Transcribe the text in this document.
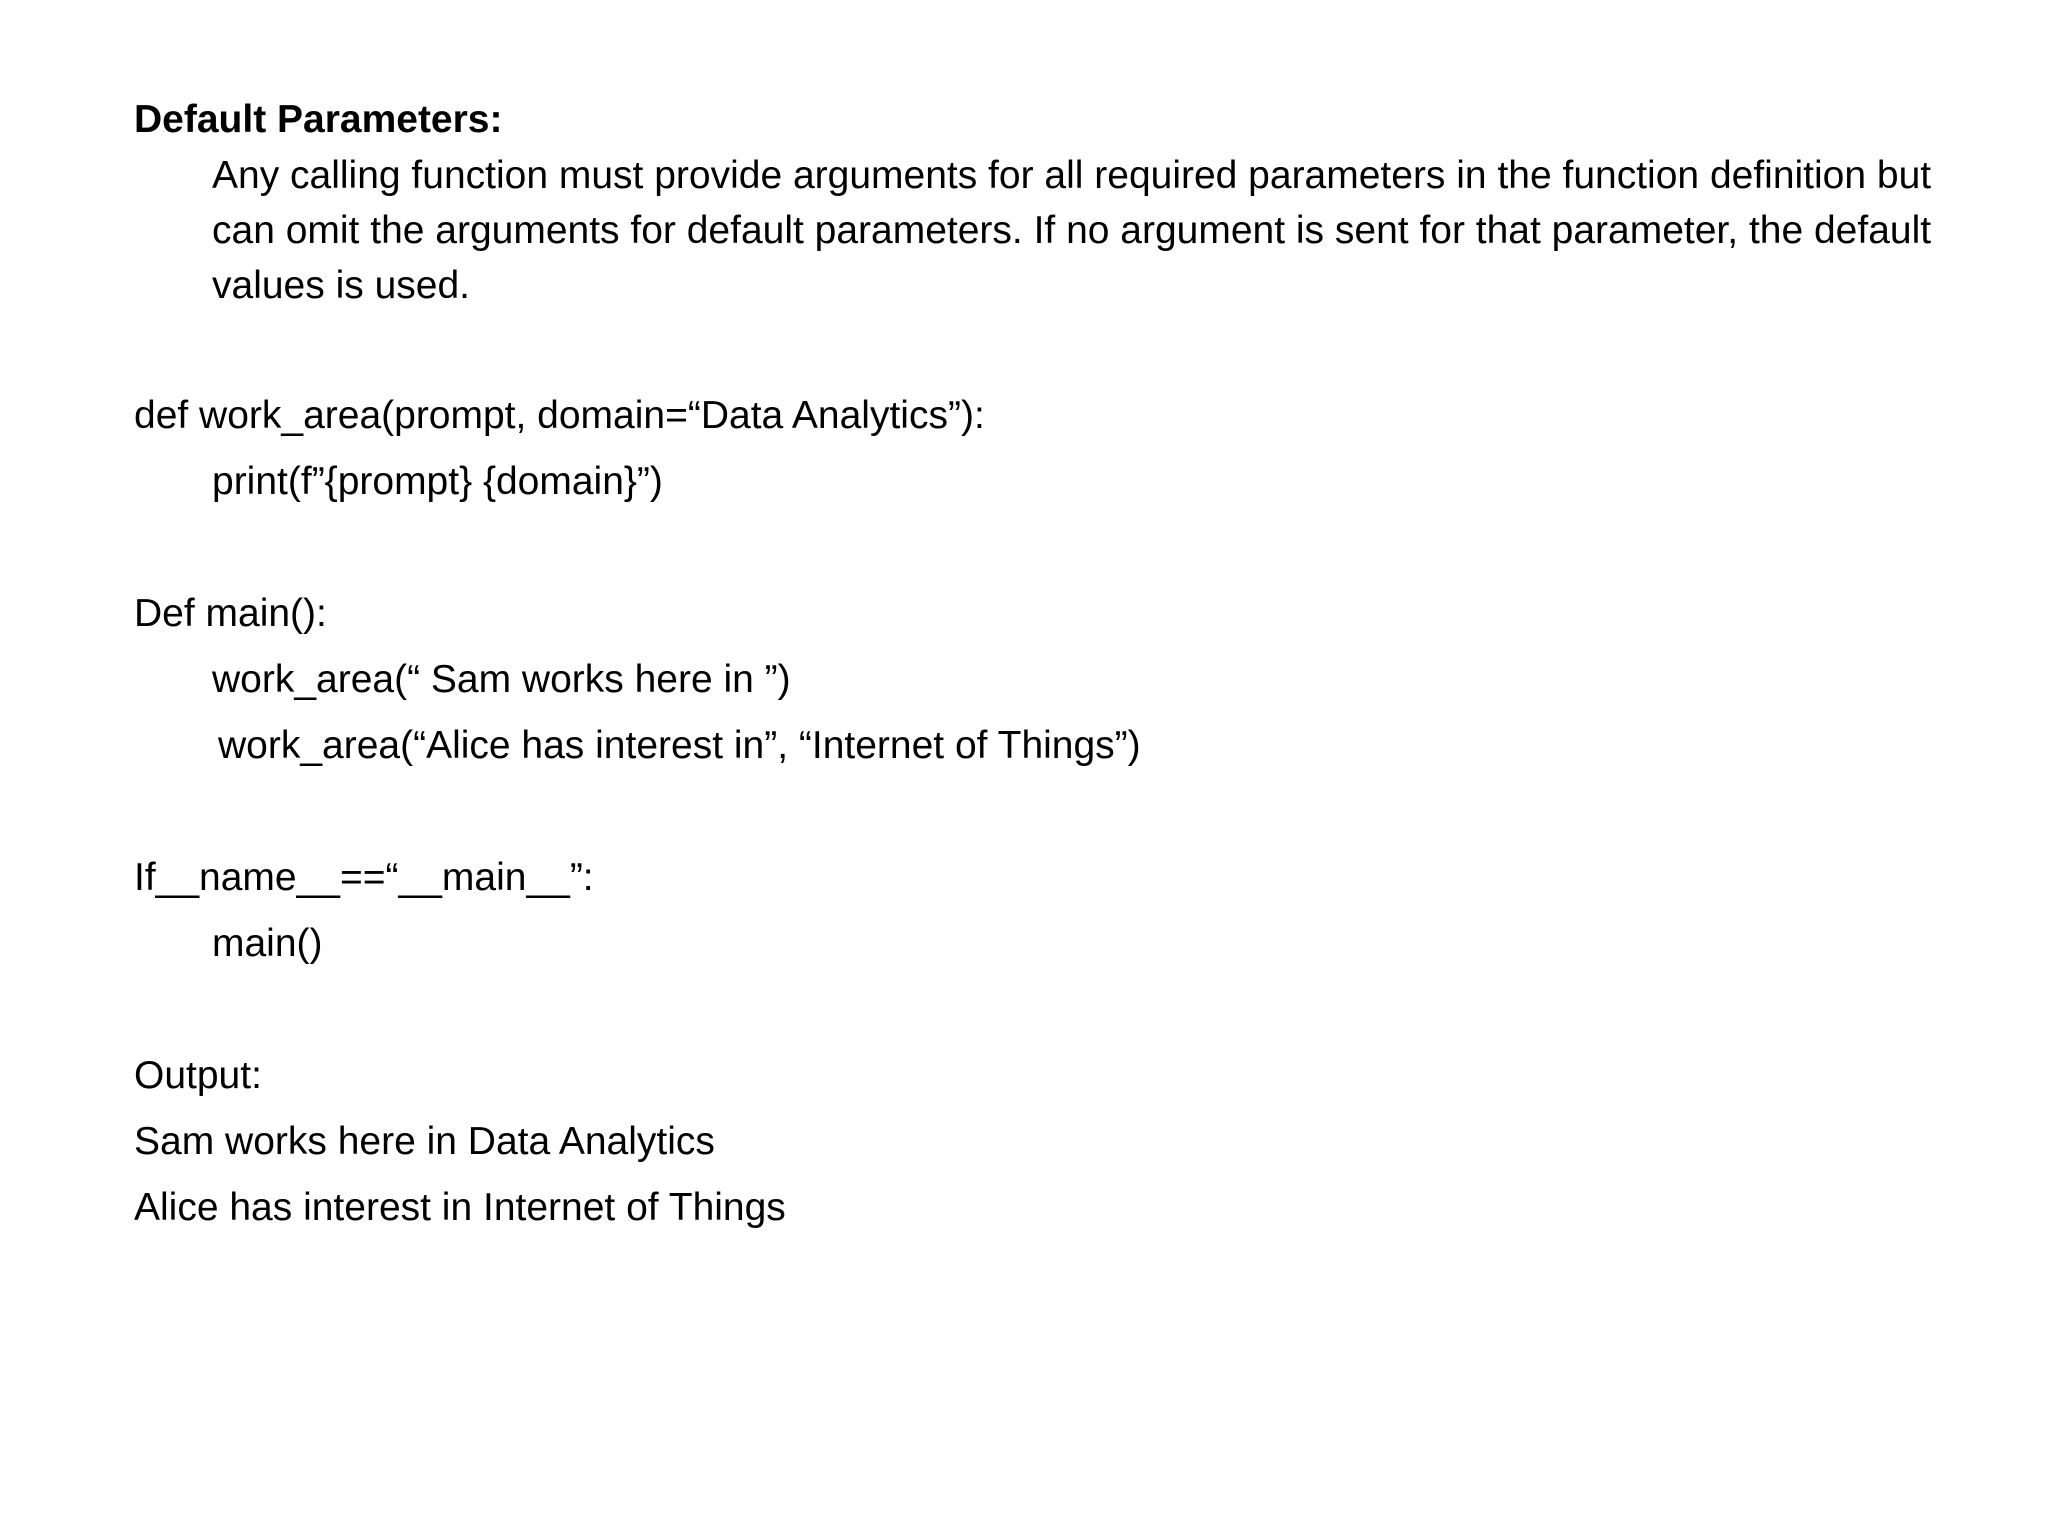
Default Parameters:
Any calling function must provide arguments for all required parameters in the function definition but can omit the arguments for default parameters. If no argument is sent for that parameter, the default values is used.
def work_area(prompt, domain=“Data Analytics”):
print(f”{prompt} {domain}”)
Def main():
work_area(“ Sam works here in ”)
work_area(“Alice has interest in”, “Internet of Things”)
If__name__==“__main__”:
main()
Output:
Sam works here in Data Analytics
Alice has interest in Internet of Things
